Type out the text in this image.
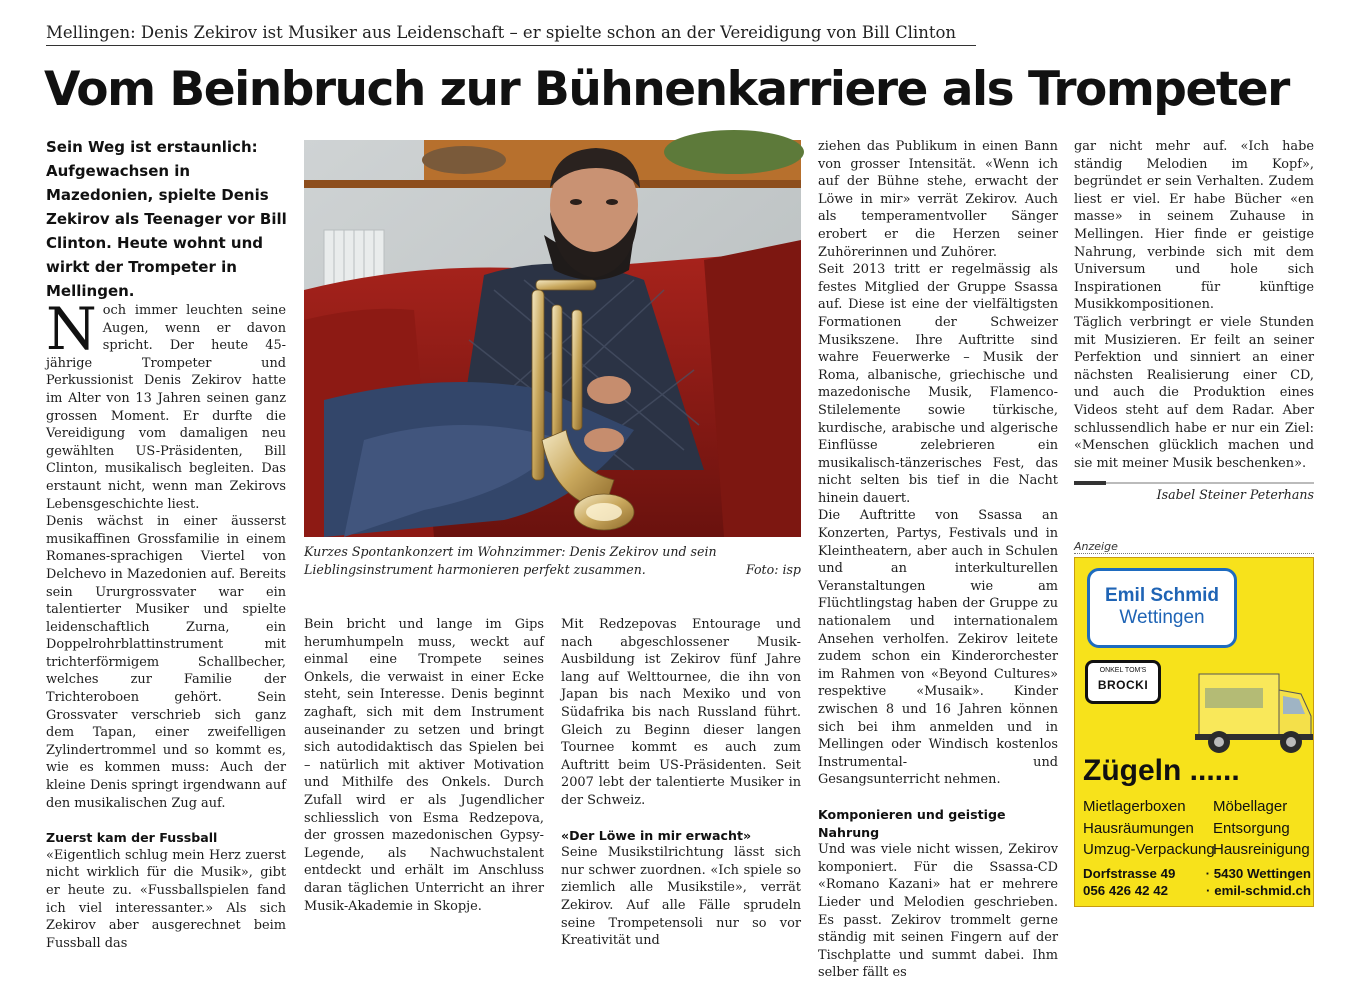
Mellingen: Denis Zekirov ist Musiker aus Leidenschaft – er spielte schon an der Vereidigung von Bill Clinton
Vom Beinbruch zur Bühnenkarriere als Trompeter
Sein Weg ist erstaunlich: Aufgewachsen in Mazedonien, spielte Denis Zekirov als Teenager vor Bill Clinton. Heute wohnt und wirkt der Trompeter in Mellingen.

Noch immer leuchten seine Augen, wenn er davon spricht. Der heute 45-jährige Trompeter und Perkussionist Denis Zekirov hatte im Alter von 13 Jahren seinen ganz grossen Moment. Er durfte die Vereidigung vom damaligen neu gewählten US-Präsidenten, Bill Clinton, musikalisch begleiten. Das erstaunt nicht, wenn man Zekirovs Lebensgeschichte liest.

Denis wächst in einer äusserst musikaffinen Grossfamilie in einem Romanes-sprachigen Viertel von Delchevo in Mazedonien auf. Bereits sein Ururgrossvater war ein talentierter Musiker und spielte leidenschaftlich Zurna, ein Doppelrohrblattinstrument mit trichterförmigem Schallbecher, welches zur Familie der Trichteroboen gehört. Sein Grossvater verschrieb sich ganz dem Tapan, einer zweifelligen Zylindertrommel und so kommt es, wie es kommen muss: Auch der kleine Denis springt irgendwann auf den musikalischen Zug auf.

Zuerst kam der Fussball

«Eigentlich schlug mein Herz zuerst nicht wirklich für die Musik», gibt er heute zu. «Fussballspielen fand ich viel interessanter.» Als sich Zekirov aber ausgerechnet beim Fussball das

Kurzes Spontankonzert im Wohnzimmer: Denis Zekirov und sein Lieblingsinstrument harmonieren perfekt zusammen.	Foto: isp

Bein bricht und lange im Gips herumhumpeln muss, weckt auf einmal eine Trompete seines Onkels, die verwaist in einer Ecke steht, sein Interesse. Denis beginnt zaghaft, sich mit dem Instrument auseinander zu setzen und bringt sich autodidaktisch das Spielen bei – natürlich mit aktiver Motivation und Mithilfe des Onkels. Durch Zufall wird er als Jugendlicher schliesslich von Esma Redzepova, der grossen mazedonischen Gypsy-Legende, als Nachwuchstalent entdeckt und erhält im Anschluss daran täglichen Unterricht an ihrer Musik-Akademie in Skopje.

Mit Redzepovas Entourage und nach abgeschlossener Musik-Ausbildung ist Zekirov fünf Jahre lang auf Welttournee, die ihn von Japan bis nach Mexiko und von Südafrika bis nach Russland führt. Gleich zu Beginn dieser langen Tournee kommt es auch zum Auftritt beim US-Präsidenten. Seit 2007 lebt der talentierte Musiker in der Schweiz.

«Der Löwe in mir erwacht»

Seine Musikstilrichtung lässt sich nur schwer zuordnen. «Ich spiele so ziemlich alle Musikstile», verrät Zekirov. Auf alle Fälle sprudeln seine Trompetensoli nur so vor Kreativität und

ziehen das Publikum in einen Bann von grosser Intensität. «Wenn ich auf der Bühne stehe, erwacht der Löwe in mir» verrät Zekirov. Auch als temperamentvoller Sänger erobert er die Herzen seiner Zuhörerinnen und Zuhörer.

Seit 2013 tritt er regelmässig als festes Mitglied der Gruppe Ssassa auf. Diese ist eine der vielfältigsten Formationen der Schweizer Musikszene. Ihre Auftritte sind wahre Feuerwerke – Musik der Roma, albanische, griechische und mazedonische Musik, Flamenco-Stilelemente sowie türkische, kurdische, arabische und algerische Einflüsse zelebrieren ein musikalisch-tänzerisches Fest, das nicht selten bis tief in die Nacht hinein dauert.

Die Auftritte von Ssassa an Konzerten, Partys, Festivals und in Kleintheatern, aber auch in Schulen und an interkulturellen Veranstaltungen wie am Flüchtlingstag haben der Gruppe zu nationalem und internationalem Ansehen verholfen. Zekirov leitete zudem schon ein Kinderorchester im Rahmen von «Beyond Cultures» respektive «Musaik». Kinder zwischen 8 und 16 Jahren können sich bei ihm anmelden und in Mellingen oder Windisch kostenlos Instrumental- und Gesangsunterricht nehmen.

Komponieren und geistige Nahrung

Und was viele nicht wissen, Zekirov komponiert. Für die Ssassa-CD «Romano Kazani» hat er mehrere Lieder und Melodien geschrieben. Es passt. Zekirov trommelt gerne ständig mit seinen Fingern auf der Tischplatte und summt dabei. Ihm selber fällt es

gar nicht mehr auf. «Ich habe ständig Melodien im Kopf», begründet er sein Verhalten. Zudem liest er viel. Er habe Bücher «en masse» in seinem Zuhause in Mellingen. Hier finde er geistige Nahrung, verbinde sich mit dem Universum und hole sich Inspirationen für künftige Musikkompositionen.

Täglich verbringt er viele Stunden mit Musizieren. Er feilt an seiner Perfektion und sinniert an einer nächsten Realisierung einer CD, und auch die Produktion eines Videos steht auf dem Radar. Aber schlussendlich habe er nur ein Ziel: «Menschen glücklich machen und sie mit meiner Musik beschenken».

Isabel Steiner Peterhans
Anzeige
Emil Schmid
Wettingen
ONKEL TOM'S
BROCKI
Zügeln ......
Mietlagerboxen
Hausräumungen
Umzug-Verpackung
Möbellager
Entsorgung
Hausreinigung
Dorfstrasse 49 · 5430 Wettingen
056 426 42 42	· emil-schmid.ch
